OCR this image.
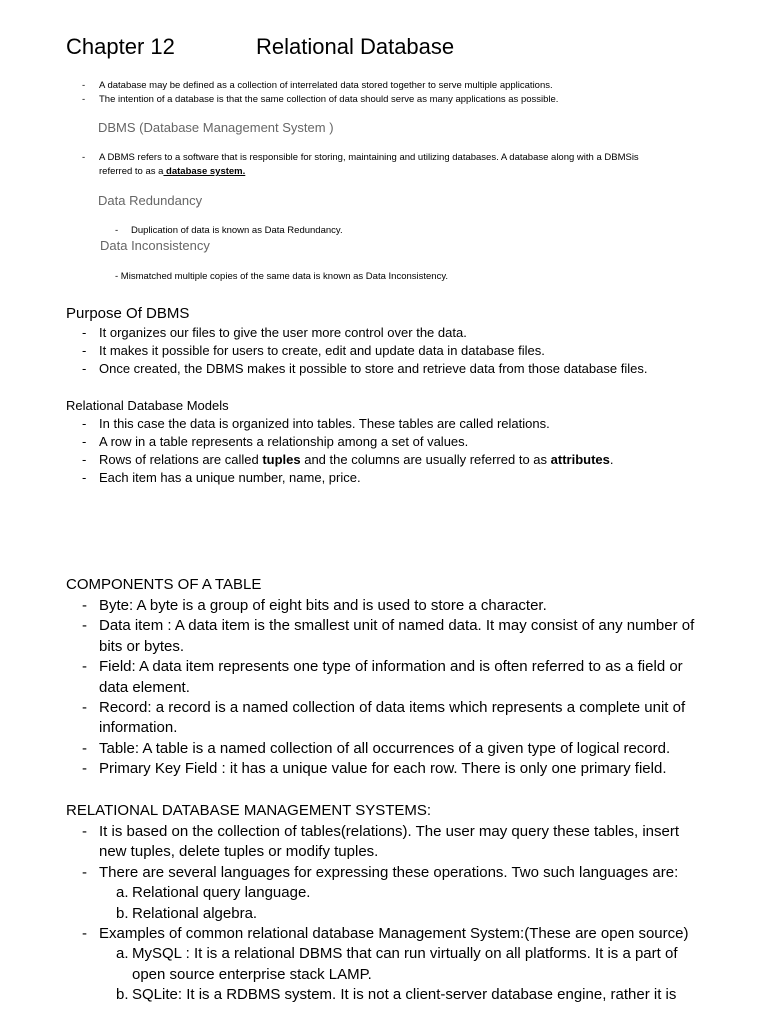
Chapter 12	Relational Database
- A database may be defined as a collection of interrelated data stored together to serve multiple applications.
- The intention of a database is that the same collection of data should serve as many applications as possible.
DBMS (Database Management System )
- A DBMS refers to a software that is responsible for storing, maintaining and utilizing databases. A database along with a DBMSis referred to as a database system.
Data Redundancy
- Duplication of data is known as Data Redundancy.
Data Inconsistency
- Mismatched multiple copies of the same data is known as Data Inconsistency.
Purpose Of DBMS
- It organizes our files to give the user more control over the data.
- It makes it possible for users to create, edit and update data in database files.
- Once created, the DBMS makes it possible to store and retrieve data from those database files.
Relational Database Models
- In this case the data is organized into tables. These tables are called relations.
- A row in a table represents a relationship among a set of values.
- Rows of relations are called tuples and the columns are usually referred to as attributes.
- Each item has a unique number, name, price.
COMPONENTS OF A TABLE
- Byte: A byte is a group of eight bits and is used to store a character.
- Data item : A data item is the smallest unit of named data. It may consist of any number of bits or bytes.
- Field: A data item represents one type of information and is often referred to as a field or data element.
- Record: a record is a named collection of data items which represents a complete unit of information.
- Table: A table is a named collection of all occurrences of a given type of logical record.
- Primary Key Field : it has a unique value for each row. There is only one primary field.
RELATIONAL DATABASE MANAGEMENT SYSTEMS:
- It is based on the collection of tables(relations). The user may query these tables, insert new tuples, delete tuples or modify tuples.
- There are several languages for expressing these operations. Two such languages are:
a. Relational query language.
b. Relational algebra.
- Examples of common relational database Management System:(These are open source)
a. MySQL : It is a relational DBMS that can run virtually on all platforms. It is a part of open source enterprise stack LAMP.
b. SQLite: It is a RDBMS system. It is not a client-server database engine, rather it is
